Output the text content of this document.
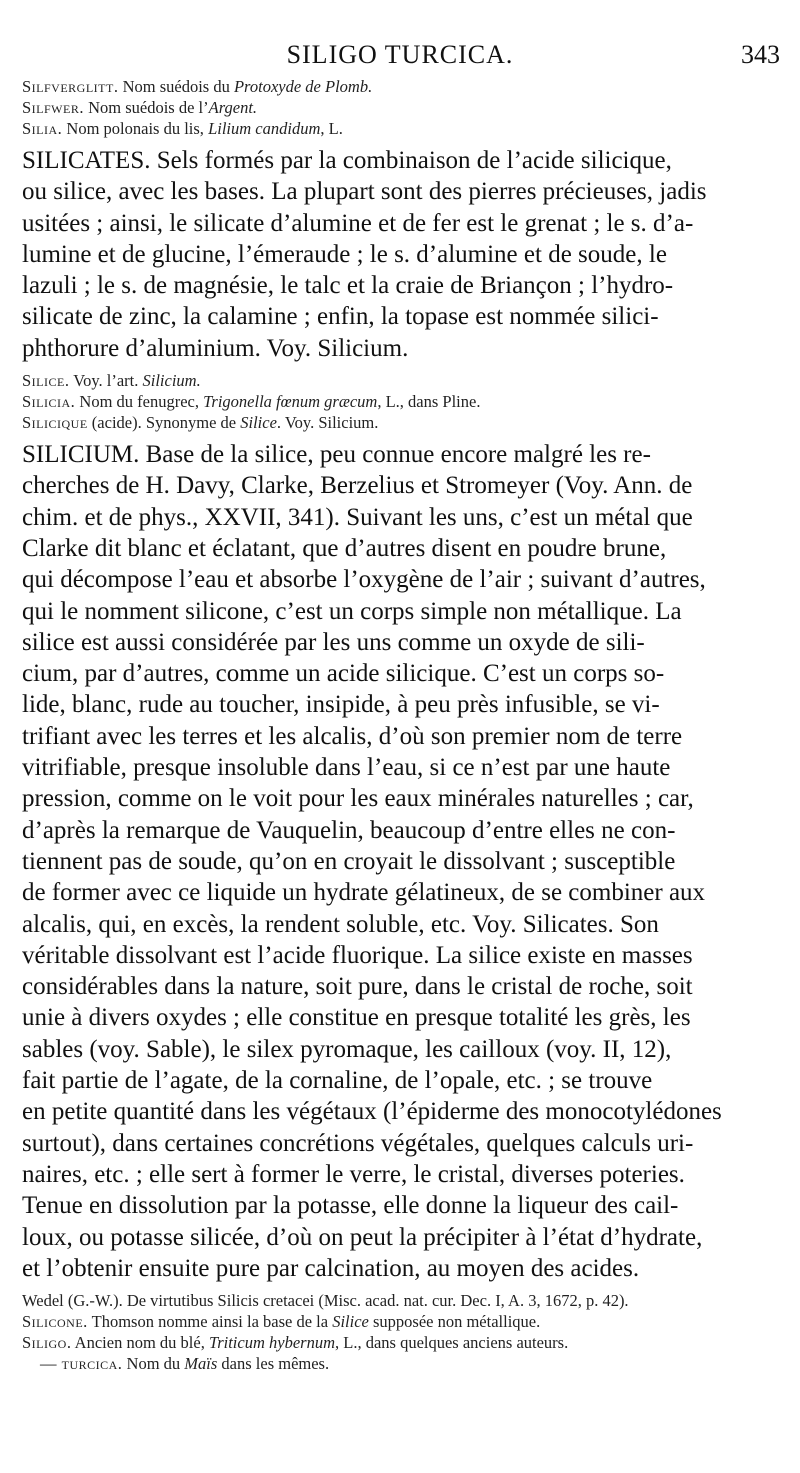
SILIGO TURCICA.	343

Silfverglitt. Nom suédois du Protoxyde de Plomb.

Silfwer. Nom suédois de l’Argent.

Silia. Nom polonais du lis, Lilium candidum, L.

SILICATES. Sels formés par la combinaison de l’acide silicique,

ou silice, avec les bases. La plupart sont des pierres précieuses, jadis

usitées ; ainsi, le silicate d’alumine et de fer est le grenat ; le s. d’a-

lumine et de glucine, l’émeraude ; le s. d’alumine et de soude, le

lazuli ; le s. de magnésie, le talc et la craie de Briançon ; l’hydro-

silicate de zinc, la calamine ; enfin, la topase est nommée silici-

phthorure d’aluminium. Voy. Silicium.

Silice. Voy. l’art. Silicium.

Silicia. Nom du fenugrec, Trigonella fœnum græcum, L., dans Pline.

Silicique (acide). Synonyme de Silice. Voy. Silicium.

SILICIUM. Base de la silice, peu connue encore malgré les re-

cherches de H. Davy, Clarke, Berzelius et Stromeyer (Voy. Ann. de

chim. et de phys., XXVII, 341). Suivant les uns, c’est un métal que

Clarke dit blanc et éclatant, que d’autres disent en poudre brune,

qui décompose l’eau et absorbe l’oxygène de l’air ; suivant d’autres,

qui le nomment silicone, c’est un corps simple non métallique. La

silice est aussi considérée par les uns comme un oxyde de sili-

cium, par d’autres, comme un acide silicique. C’est un corps so-

lide, blanc, rude au toucher, insipide, à peu près infusible, se vi-

trifiant avec les terres et les alcalis, d’où son premier nom de terre

vitrifiable, presque insoluble dans l’eau, si ce n’est par une haute

pression, comme on le voit pour les eaux minérales naturelles ; car,

d’après la remarque de Vauquelin, beaucoup d’entre elles ne con-

tiennent pas de soude, qu’on en croyait le dissolvant ; susceptible

de former avec ce liquide un hydrate gélatineux, de se combiner aux

alcalis, qui, en excès, la rendent soluble, etc. Voy. Silicates. Son

véritable dissolvant est l’acide fluorique. La silice existe en masses

considérables dans la nature, soit pure, dans le cristal de roche, soit

unie à divers oxydes ; elle constitue en presque totalité les grès, les

sables (voy. Sable), le silex pyromaque, les cailloux (voy. II, 12),

fait partie de l’agate, de la cornaline, de l’opale, etc. ; se trouve

en petite quantité dans les végétaux (l’épiderme des monocotylédones

surtout), dans certaines concrétions végétales, quelques calculs uri-

naires, etc. ; elle sert à former le verre, le cristal, diverses poteries.

Tenue en dissolution par la potasse, elle donne la liqueur des cail-

loux, ou potasse silicée, d’où on peut la précipiter à l’état d’hydrate,

et l’obtenir ensuite pure par calcination, au moyen des acides.

Wedel (G.-W.). De virtutibus Silicis cretacei (Misc. acad. nat. cur. Dec. I, A. 3, 1672, p. 42).

Silicone. Thomson nomme ainsi la base de la Silice supposée non métallique.

Siligo. Ancien nom du blé, Triticum hybernum, L., dans quelques anciens auteurs.

— turcica. Nom du Maïs dans les mêmes.
